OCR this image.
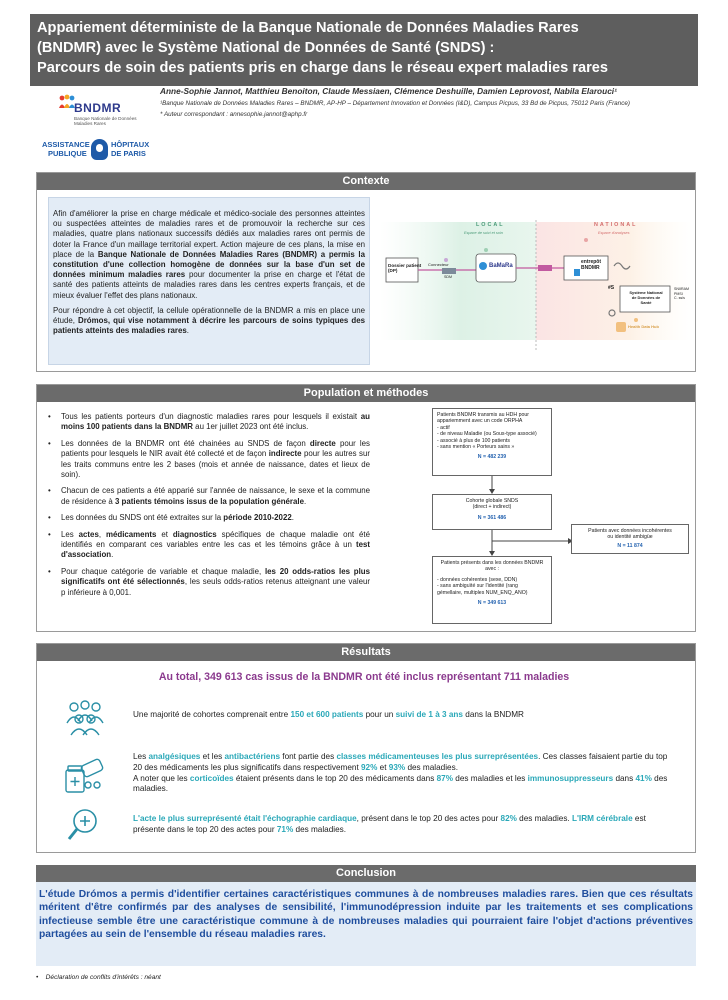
Appariement déterministe de la Banque Nationale de Données Maladies Rares
(BNDMR) avec le Système National de Données de Santé (SNDS) :
Parcours de soin des patients pris en charge dans le réseau expert maladies rares
BNDMR
Banque Nationale de Données
Maladies Rares
ASSISTANCE
PUBLIQUE
HÔPITAUX
DE PARIS
Anne-Sophie Jannot, Matthieu Benoiton, Claude Messiaen, Clémence Deshuille, Damien Leprovost, Nabila Elarouci¹
¹Banque Nationale de Données Maladies Rares – BNDMR, AP-HP – Département Innovation et Données (I&D), Campus Picpus, 33 Bd de Picpus, 75012 Paris (France)
* Auteur correspondant : annesophie.jannot@aphp.fr
Contexte

Afin d'améliorer la prise en charge médicale et médico-sociale des personnes atteintes ou suspectées atteintes de maladies rares et de promouvoir la recherche sur ces maladies, quatre plans nationaux successifs dédiés aux maladies rares ont permis de doter la France d'un maillage territorial expert. Action majeure de ces plans, la mise en place de la Banque Nationale de Données Maladies Rares (BNDMR) a permis la constitution d'une collection homogène de données sur la base d'un set de données minimum maladies rares pour documenter la prise en charge et l'état de santé des patients atteints de maladies rares dans les centres experts français, et de mieux évaluer l'effet des plans nationaux.

Pour répondre à cet objectif, la cellule opérationnelle de la BNDMR a mis en place une étude, Drómos, qui vise notamment à décrire les parcours de soins typiques des patients atteints des maladies rares.

LOCAL
Espace de suivi et soin
NATIONAL
Espace d'analyses
Dossier patient
(DP)
Connecteur
SDM
BaMaRa
entrepôt
BNDMR
#S
Système National
de Données de
Santé
SNIIRAM
PMSI
C. ss/s
Health Data Hub
Population et méthodes
• Tous les patients porteurs d'un diagnostic maladies rares pour lesquels il existait au moins 100 patients dans la BNDMR au 1er juillet 2023 ont été inclus.
• Les données de la BNDMR ont été chainées au SNDS de façon directe pour les patients pour lesquels le NIR avait été collecté et de façon indirecte pour les autres sur les traits communs entre les 2 bases (mois et année de naissance, dates et lieux de soin).
• Chacun de ces patients a été apparié sur l'année de naissance, le sexe et la commune de résidence à 3 patients témoins issus de la population générale.
• Les données du SNDS ont été extraites sur la période 2010-2022.
• Les actes, médicaments et diagnostics spécifiques de chaque maladie ont été identifiés en comparant ces variables entre les cas et les témoins grâce à un test d'association.
• Pour chaque catégorie de variable et chaque maladie, les 20 odds-ratios les plus significatifs ont été sélectionnés, les seuls odds-ratios retenus atteignant une valeur p inférieure à 0,001.
Patients BNDMR transmis au HDH pour
appariemment avec un code ORPHA
- actif
- de niveau Maladie (ou Sous-type associé)
- associé à plus de 100 patients
- sans mention « Porteurs sains »
N = 482 239
Cohorte globale SNDS
(direct + indirect)
N = 361 486
Patients avec données incohérentes
ou identité ambigüe
N = 11 874
Patients présents dans les données BNDMR
avec :
- données cohérentes (sexe, DDN)
- sans ambiguïté sur l'identité (rang
gémellaire, multiples NUM_ENQ_ANO)
N = 349 613
Résultats
Au total, 349 613 cas issus de la BNDMR ont été inclus représentant 711 maladies
Une majorité de cohortes comprenait entre 150 et 600 patients pour un suivi de 1 à 3 ans dans la BNDMR
Les analgésiques et les antibactériens font partie des classes médicamenteuses les plus surreprésentées. Ces classes faisaient partie du top 20 des médicaments les plus significatifs dans respectivement 92% et 93% des maladies.
A noter que les corticoïdes étaient présents dans le top 20 des médicaments dans 87% des maladies et les immunosuppresseurs dans 41% des maladies.
L'acte le plus surreprésenté était l'échographie cardiaque, présent dans le top 20 des actes pour 82% des maladies. L'IRM cérébrale est présente dans le top 20 des actes pour 71% des maladies.
Conclusion
L'étude Drómos a permis d'identifier certaines caractéristiques communes à de nombreuses maladies rares. Bien que ces résultats méritent d'être confirmés par des analyses de sensibilité, l'immunodépression induite par les traitements et ses complications infectieuse semble être une caractéristique commune à de nombreuses maladies qui pourraient faire l'objet d'actions préventives partagées au sein de l'ensemble du réseau maladies rares.
•    Déclaration de conflits d'intérêts : néant
